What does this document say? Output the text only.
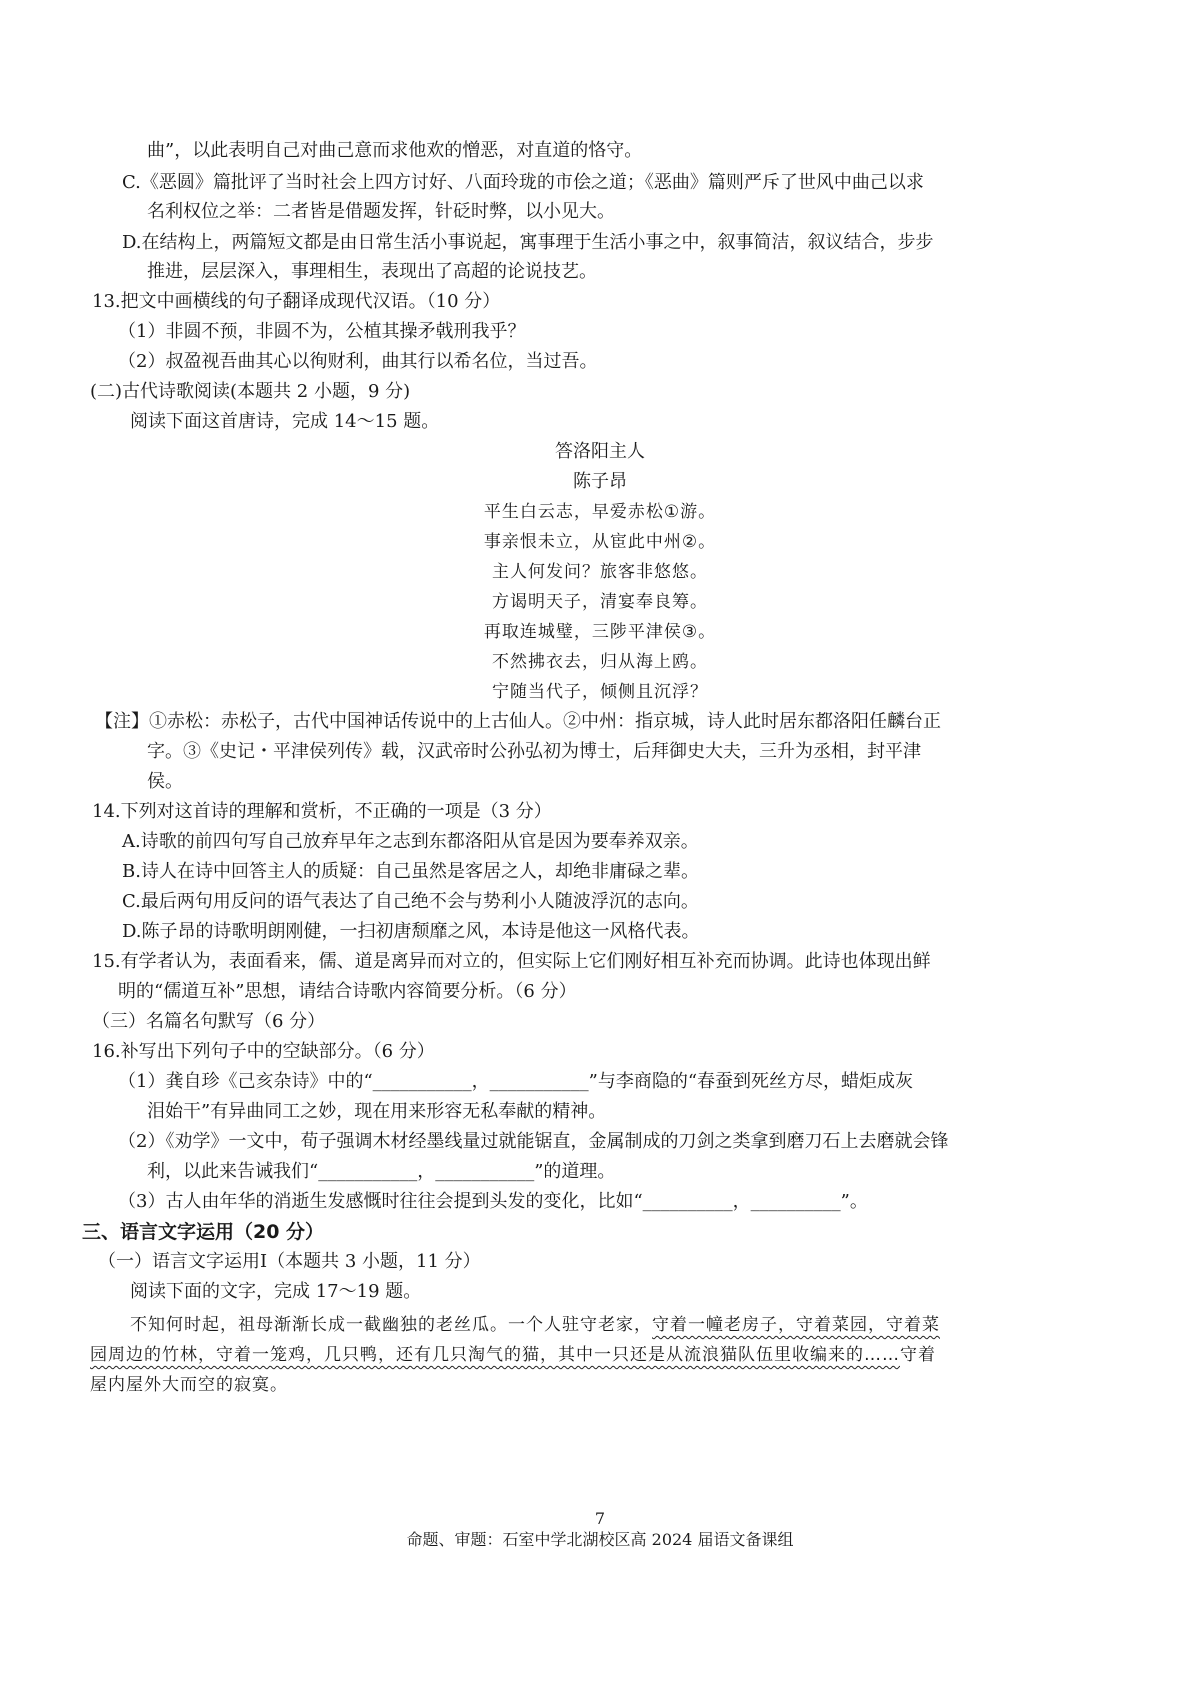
曲”，以此表明自己对曲己意而求他欢的憎恶，对直道的恪守。
C.《恶圆》篇批评了当时社会上四方讨好、八面玲珑的市侩之道；《恶曲》篇则严斥了世风中曲己以求
名利权位之举：二者皆是借题发挥，针砭时弊，以小见大。
D.在结构上，两篇短文都是由日常生活小事说起，寓事理于生活小事之中，叙事简洁，叙议结合，步步
推进，层层深入，事理相生，表现出了高超的论说技艺。
13.把文中画横线的句子翻译成现代汉语。（10 分）
（1）非圆不预，非圆不为，公植其操矛戟刑我乎？
（2）叔盈视吾曲其心以徇财利，曲其行以希名位，当过吾。
(二)古代诗歌阅读(本题共 2 小题，9 分)
阅读下面这首唐诗，完成 14～15 题。
答洛阳主人
陈子昂
平生白云志，早爱赤松①游。
事亲恨未立，从宦此中州②。
主人何发问？旅客非悠悠。
方谒明天子，清宴奉良筹。
再取连城璧，三陟平津侯③。
不然拂衣去，归从海上鸥。
宁随当代子，倾侧且沉浮？
【注】①赤松：赤松子，古代中国神话传说中的上古仙人。②中州：指京城，诗人此时居东都洛阳任麟台正
字。③《史记・平津侯列传》载，汉武帝时公孙弘初为博士，后拜御史大夫，三升为丞相，封平津
侯。
14.下列对这首诗的理解和赏析，不正确的一项是（3 分）
A.诗歌的前四句写自己放弃早年之志到东都洛阳从官是因为要奉养双亲。
B.诗人在诗中回答主人的质疑：自己虽然是客居之人，却绝非庸碌之辈。
C.最后两句用反问的语气表达了自己绝不会与势利小人随波浮沉的志向。
D.陈子昂的诗歌明朗刚健，一扫初唐颓靡之风，本诗是他这一风格代表。
15.有学者认为，表面看来，儒、道是离异而对立的，但实际上它们刚好相互补充而协调。此诗也体现出鲜
明的“儒道互补”思想，请结合诗歌内容简要分析。（6 分）
（三）名篇名句默写（6 分）
16.补写出下列句子中的空缺部分。（6 分）
（1）龚自珍《己亥杂诗》中的“___________，___________”与李商隐的“春蚕到死丝方尽，蜡炬成灰
泪始干”有异曲同工之妙，现在用来形容无私奉献的精神。
（2）《劝学》一文中，荀子强调木材经墨线量过就能锯直，金属制成的刀剑之类拿到磨刀石上去磨就会锋
利，以此来告诫我们“___________，___________”的道理。
（3）古人由年华的消逝生发感慨时往往会提到头发的变化，比如“__________，__________”。
三、语言文字运用（20 分）
（一）语言文字运用Ⅰ（本题共 3 小题，11 分）
阅读下面的文字，完成 17～19 题。
不知何时起，祖母渐渐长成一截幽独的老丝瓜。一个人驻守老家，守着一幢老房子，守着菜园，守着菜
园周边的竹林，守着一笼鸡，几只鸭，还有几只淘气的猫，其中一只还是从流浪猫队伍里收编来的……守着
屋内屋外大而空的寂寞。
7
命题、审题：石室中学北湖校区高 2024 届语文备课组
